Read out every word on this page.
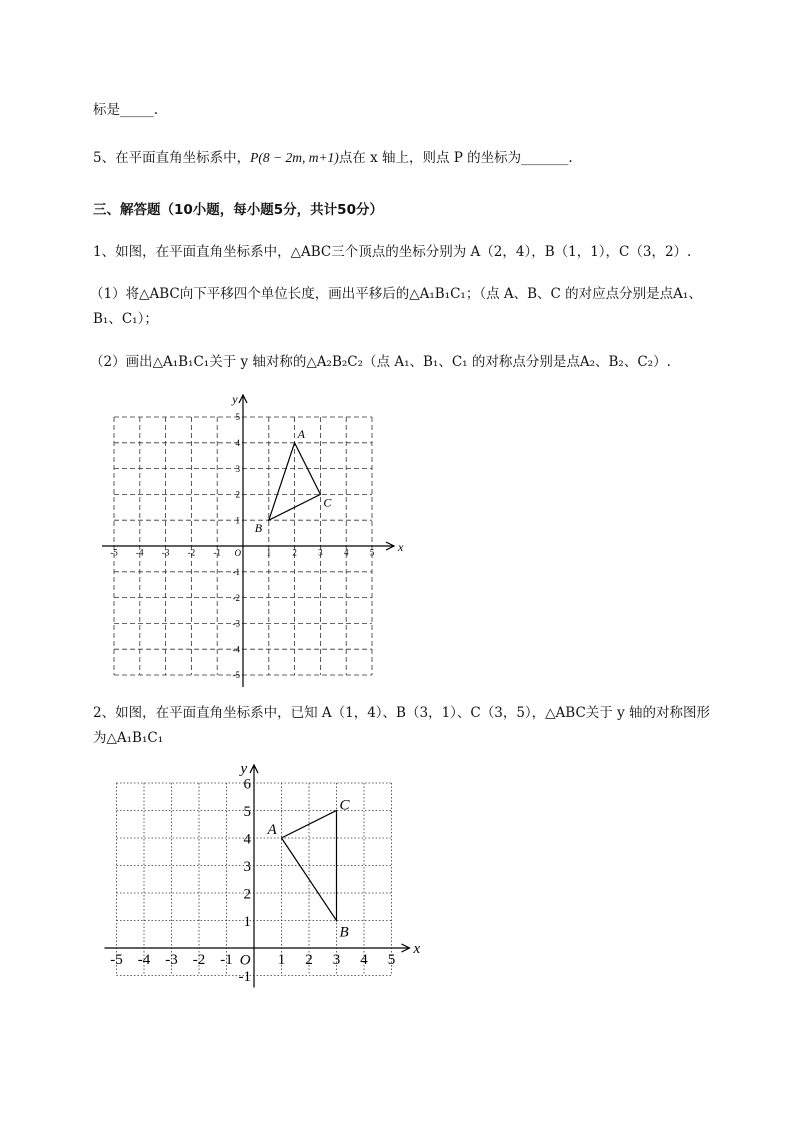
标是_____.
5、在平面直角坐标系中，P(8 − 2m, m+1)点在 x 轴上，则点 P 的坐标为_______.
三、解答题（10小题，每小题5分，共计50分）
1、如图，在平面直角坐标系中，△ABC三个顶点的坐标分别为 A（2，4），B（1，1），C（3，2）.
（1）将△ABC向下平移四个单位长度，画出平移后的△A₁B₁C₁；（点 A、B、C 的对应点分别是点A₁、
B₁、C₁）；
（2）画出△A₁B₁C₁关于 y 轴对称的△A₂B₂C₂（点 A₁、B₁、C₁ 的对称点分别是点A₂、B₂、C₂）.
x
y
O
-5 -4 -3 -2 -1	1 2 3 4 5
5
4
3
2
1
-1
-2
-3
-4
-5
A
B
C
2、如图，在平面直角坐标系中，已知 A（1，4）、B（3，1）、C（3，5），△ABC关于 y 轴的对称图形
为△A₁B₁C₁
x
y
O
-5 -4 -3 -2 -1	1 2 3 4 5
6
5
4
3
2
1
-1
A
B
C
